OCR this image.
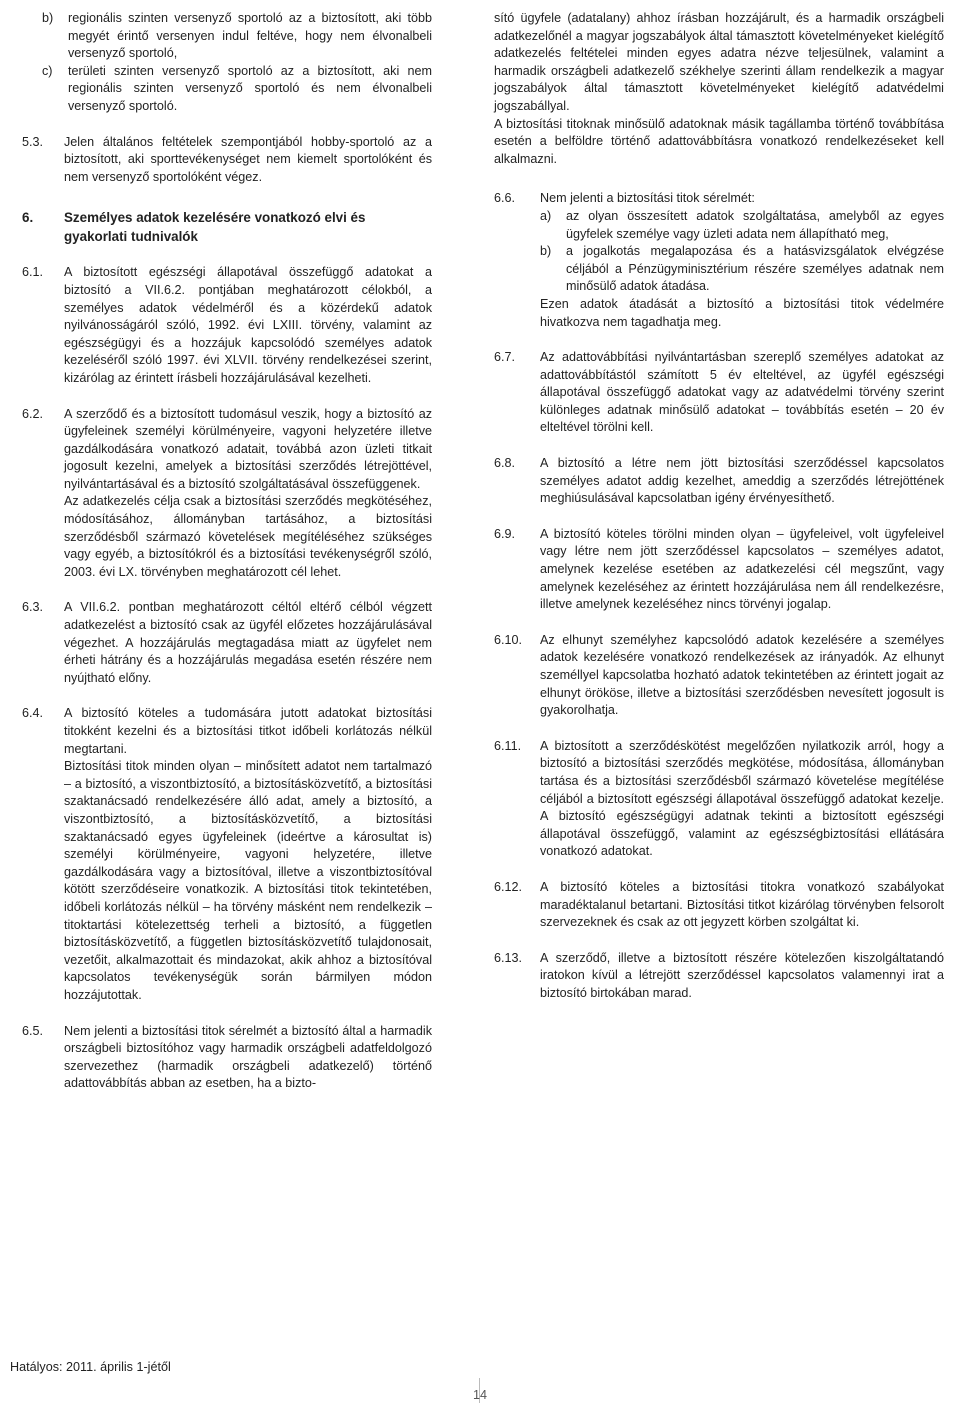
b)	regionális szinten versenyző sportoló az a biztosított, aki több megyét érintő versenyen indul feltéve, hogy nem élvonalbeli versenyző sportoló,
c)	területi szinten versenyző sportoló az a biztosított, aki nem regionális szinten versenyző sportoló és nem élvonalbeli versenyző sportoló.
5.3.	Jelen általános feltételek szempontjából hobby-sportoló az a biztosított, aki sporttevékenységet nem kiemelt sportolóként és nem versenyző sportolóként végez.

6.	Személyes adatok kezelésére vonatkozó elvi és gyakorlati tudnivalók
6.1.	A biztosított egészségi állapotával összefüggő adatokat a biztosító a VII.6.2. pontjában meghatározott célokból, a személyes adatok védelméről és a közérdekű adatok nyilvánosságáról szóló, 1992. évi LXIII. törvény, valamint az egészségügyi és a hozzájuk kapcsolódó személyes adatok kezeléséről szóló 1997. évi XLVII. törvény rendelkezései szerint, kizárólag az érintett írásbeli hozzájárulásával kezelheti.

6.2.	A szerződő és a biztosított tudomásul veszik, hogy a biztosító az ügyfeleinek személyi körülményeire, vagyoni helyzetére illetve gazdálkodására vonatkozó adatait, továbbá azon üzleti titkait jogosult kezelni, amelyek a biztosítási szerződés létrejöttével, nyilvántartásával és a biztosító szolgáltatásával összefüggenek.

Az adatkezelés célja csak a biztosítási szerződés megkötéséhez, módosításához, állományban tartásához, a biztosítási szerződésből származó követelések megítéléséhez szükséges vagy egyéb, a biztosítókról és a biztosítási tevékenységről szóló, 2003. évi LX. törvényben meghatározott cél lehet.

6.3.	A VII.6.2. pontban meghatározott céltól eltérő célból végzett adatkezelést a biztosító csak az ügyfél előzetes hozzájárulásával végezhet. A hozzájárulás megtagadása miatt az ügyfelet nem érheti hátrány és a hozzájárulás megadása esetén részére nem nyújtható előny.

6.4.	A biztosító köteles a tudomására jutott adatokat biztosítási titokként kezelni és a biztosítási titkot időbeli korlátozás nélkül megtartani.

Biztosítási titok minden olyan – minősített adatot nem tartalmazó – a biztosító, a viszontbiztosító, a biztosításközvetítő, a biztosítási szaktanácsadó rendelkezésére álló adat, amely a biztosító, a viszontbiztosító, a biztosításközvetítő, a biztosítási szaktanácsadó egyes ügyfeleinek (ideértve a károsultat is) személyi körülményeire, vagyoni helyzetére, illetve gazdálkodására vagy a biztosítóval, illetve a viszontbiztosítóval kötött szerződéseire vonatkozik. A biztosítási titok tekintetében, időbeli korlátozás nélkül – ha törvény másként nem rendelkezik – titoktartási kötelezettség terheli a biztosító, a független biztosításközvetítő, a független biztosításközvetítő tulajdonosait, vezetőit, alkalmazottait és mindazokat, akik ahhoz a biztosítóval kapcsolatos tevékenységük során bármilyen módon hozzájutottak.

6.5.	Nem jelenti a biztosítási titok sérelmét a biztosító által a harmadik országbeli biztosítóhoz vagy harmadik országbeli adatfeldolgozó szervezethez (harmadik országbeli adatkezelő) történő adattovábbítás abban az esetben, ha a bizto-

sító ügyfele (adatalany) ahhoz írásban hozzájárult, és a harmadik országbeli adatkezelőnél a magyar jogszabályok által támasztott követelményeket kielégítő adatkezelés feltételei minden egyes adatra nézve teljesülnek, valamint a harmadik országbeli adatkezelő székhelye szerinti állam rendelkezik a magyar jogszabályok által támasztott követelményeket kielégítő adatvédelmi jogszabállyal.

A biztosítási titoknak minősülő adatoknak másik tagállamba történő továbbítása esetén a belföldre történő adattovábbításra vonatkozó rendelkezéseket kell alkalmazni.

6.6.	Nem jelenti a biztosítási titok sérelmét:

a)	az olyan összesített adatok szolgáltatása, amelyből az egyes ügyfelek személye vagy üzleti adata nem állapítható meg,
b)	a jogalkotás megalapozása és a hatásvizsgálatok elvégzése céljából a Pénzügyminisztérium részére személyes adatnak nem minősülő adatok átadása.

Ezen adatok átadását a biztosító a biztosítási titok védelmére hivatkozva nem tagadhatja meg.

6.7.	Az adattovábbítási nyilvántartásban szereplő személyes adatokat az adattovábbítástól számított 5 év elteltével, az ügyfél egészségi állapotával összefüggő adatokat vagy az adatvédelmi törvény szerint különleges adatnak minősülő adatokat – továbbítás esetén – 20 év elteltével törölni kell.

6.8.	A biztosító a létre nem jött biztosítási szerződéssel kapcsolatos személyes adatot addig kezelhet, ameddig a szerződés létrejöttének meghiúsulásával kapcsolatban igény érvényesíthető.

6.9.	A biztosító köteles törölni minden olyan – ügyfeleivel, volt ügyfeleivel vagy létre nem jött szerződéssel kapcsolatos – személyes adatot, amelynek kezelése esetében az adatkezelési cél megszűnt, vagy amelynek kezeléséhez az érintett hozzájárulása nem áll rendelkezésre, illetve amelynek kezeléséhez nincs törvényi jogalap.

6.10.	Az elhunyt személyhez kapcsolódó adatok kezelésére a személyes adatok kezelésére vonatkozó rendelkezések az irányadók. Az elhunyt személlyel kapcsolatba hozható adatok tekintetében az érintett jogait az elhunyt örököse, illetve a biztosítási szerződésben nevesített jogosult is gyakorolhatja.

6.11.	A biztosított a szerződéskötést megelőzően nyilatkozik arról, hogy a biztosító a biztosítási szerződés megkötése, módosítása, állományban tartása és a biztosítási szerződésből származó követelése megítélése céljából a biztosított egészségi állapotával összefüggő adatokat kezelje. A biztosító egészségügyi adatnak tekinti a biztosított egészségi állapotával összefüggő, valamint az egészségbiztosítási ellátására vonatkozó adatokat.

6.12.	A biztosító köteles a biztosítási titokra vonatkozó szabályokat maradéktalanul betartani. Biztosítási titkot kizárólag törvényben felsorolt szervezeknek és csak az ott jegyzett körben szolgáltat ki.

6.13.	A szerződő, illetve a biztosított részére kötelezően kiszolgáltatandó iratokon kívül a létrejött szerződéssel kapcsolatos valamennyi irat a biztosító birtokában marad.

Hatályos: 2011. április 1-jétől
14
